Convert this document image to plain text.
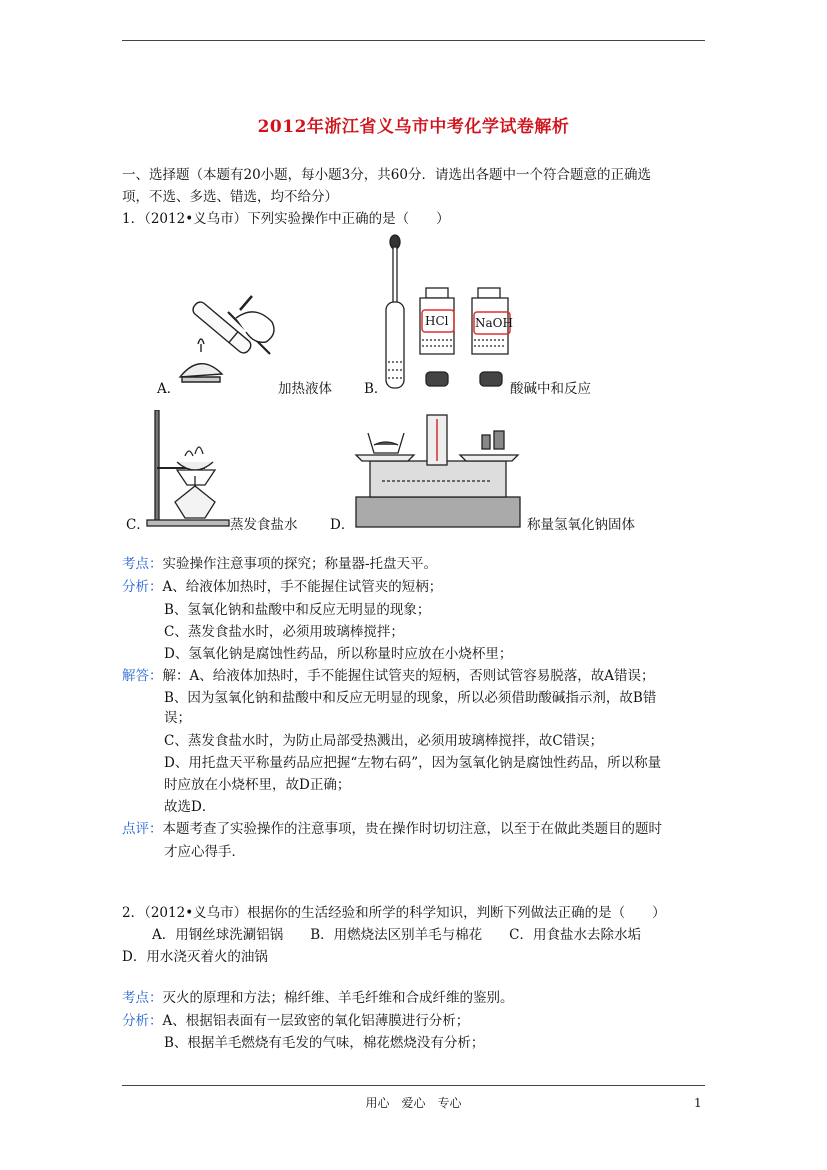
2012年浙江省义乌市中考化学试卷解析
一、选择题（本题有20小题，每小题3分，共60分．请选出各题中一个符合题意的正确选
项，不选、多选、错选，均不给分）
1．（2012•义乌市）下列实验操作中正确的是（　　）
A．	加热液体
HCl NaOH
B．	酸碱中和反应
C．	蒸发食盐水 D．	称量氢氧化钠固体
考点：实验操作注意事项的探究；称量器-托盘天平。
分析：A、给液体加热时，手不能握住试管夹的短柄；
B、氢氧化钠和盐酸中和反应无明显的现象；
C、蒸发食盐水时，必须用玻璃棒搅拌；
D、氢氧化钠是腐蚀性药品，所以称量时应放在小烧杯里；
解答：解：A、给液体加热时，手不能握住试管夹的短柄，否则试管容易脱落，故A错误；
B、因为氢氧化钠和盐酸中和反应无明显的现象，所以必须借助酸碱指示剂，故B错
误；
C、蒸发食盐水时，为防止局部受热溅出，必须用玻璃棒搅拌，故C错误；
D、用托盘天平称量药品应把握“左物右码”，因为氢氧化钠是腐蚀性药品，所以称量
时应放在小烧杯里，故D正确；
故选D．
点评：本题考查了实验操作的注意事项，贵在操作时切切注意，以至于在做此类题目的题时
才应心得手．
2．（2012•义乌市）根据你的生活经验和所学的科学知识，判断下列做法正确的是（　　）
A．用钢丝球洗涮铝锅　　B．用燃烧法区别羊毛与棉花　　C．用食盐水去除水垢
D．用水浇灭着火的油锅
考点：灭火的原理和方法；棉纤维、羊毛纤维和合成纤维的鉴别。
分析：A、根据铝表面有一层致密的氧化铝薄膜进行分析；
B、根据羊毛燃烧有毛发的气味，棉花燃烧没有分析；
用心　爱心　专心	1
